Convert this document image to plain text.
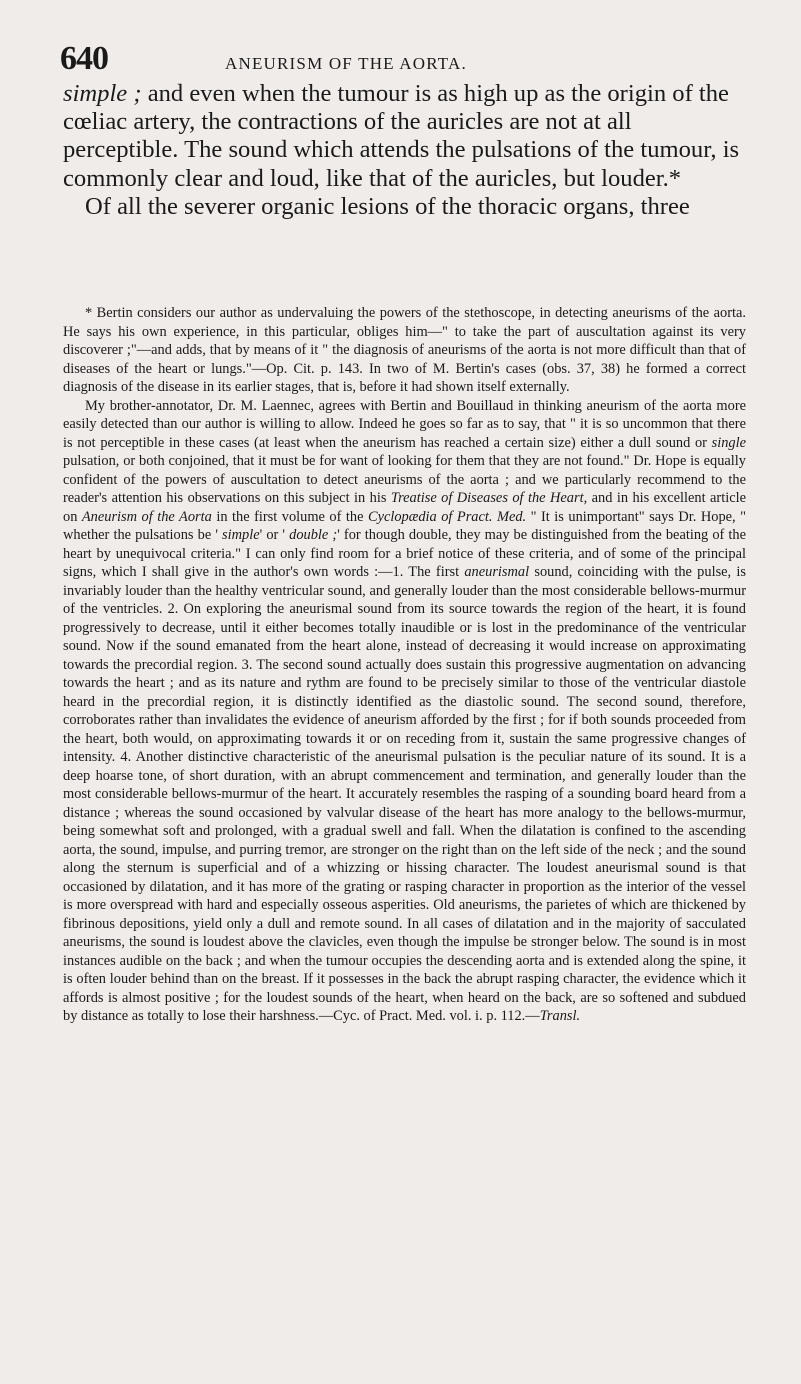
640	ANEURISM OF THE AORTA.

simple ; and even when the tumour is as high up as the origin of the cœliac artery, the contractions of the auricles are not at all perceptible. The sound which attends the pulsations of the tumour, is commonly clear and loud, like that of the auricles, but louder.*

Of all the severer organic lesions of the thoracic organs, three

* Bertin considers our author as undervaluing the powers of the stethoscope, in detecting aneurisms of the aorta. He says his own experience, in this particular, obliges him—" to take the part of auscultation against its very discoverer ;"—and adds, that by means of it " the diagnosis of aneurisms of the aorta is not more difficult than that of diseases of the heart or lungs."—Op. Cit. p. 143. In two of M. Bertin's cases (obs. 37, 38) he formed a correct diagnosis of the disease in its earlier stages, that is, before it had shown itself externally.

My brother-annotator, Dr. M. Laennec, agrees with Bertin and Bouillaud in thinking aneurism of the aorta more easily detected than our author is willing to allow. Indeed he goes so far as to say, that " it is so uncommon that there is not perceptible in these cases (at least when the aneurism has reached a certain size) either a dull sound or single pulsation, or both conjoined, that it must be for want of looking for them that they are not found." Dr. Hope is equally confident of the powers of auscultation to detect aneurisms of the aorta ; and we particularly recommend to the reader's attention his observations on this subject in his Treatise of Diseases of the Heart, and in his excellent article on Aneurism of the Aorta in the first volume of the Cyclopædia of Pract. Med. " It is unimportant" says Dr. Hope, " whether the pulsations be ' simple' or ' double ;' for though double, they may be distinguished from the beating of the heart by unequivocal criteria." I can only find room for a brief notice of these criteria, and of some of the principal signs, which I shall give in the author's own words :—1. The first aneurismal sound, coinciding with the pulse, is invariably louder than the healthy ventricular sound, and generally louder than the most considerable bellows-murmur of the ventricles. 2. On exploring the aneurismal sound from its source towards the region of the heart, it is found progressively to decrease, until it either becomes totally inaudible or is lost in the predominance of the ventricular sound. Now if the sound emanated from the heart alone, instead of decreasing it would increase on approximating towards the precordial region. 3. The second sound actually does sustain this progressive augmentation on advancing towards the heart ; and as its nature and rythm are found to be precisely similar to those of the ventricular diastole heard in the precordial region, it is distinctly identified as the diastolic sound. The second sound, therefore, corroborates rather than invalidates the evidence of aneurism afforded by the first ; for if both sounds proceeded from the heart, both would, on approximating towards it or on receding from it, sustain the same progressive changes of intensity. 4. Another distinctive characteristic of the aneurismal pulsation is the peculiar nature of its sound. It is a deep hoarse tone, of short duration, with an abrupt commencement and termination, and generally louder than the most considerable bellows-murmur of the heart. It accurately resembles the rasping of a sounding board heard from a distance ; whereas the sound occasioned by valvular disease of the heart has more analogy to the bellows-murmur, being somewhat soft and prolonged, with a gradual swell and fall. When the dilatation is confined to the ascending aorta, the sound, impulse, and purring tremor, are stronger on the right than on the left side of the neck ; and the sound along the sternum is superficial and of a whizzing or hissing character. The loudest aneurismal sound is that occasioned by dilatation, and it has more of the grating or rasping character in proportion as the interior of the vessel is more overspread with hard and especially osseous asperities. Old aneurisms, the parietes of which are thickened by fibrinous depositions, yield only a dull and remote sound. In all cases of dilatation and in the majority of sacculated aneurisms, the sound is loudest above the clavicles, even though the impulse be stronger below. The sound is in most instances audible on the back ; and when the tumour occupies the descending aorta and is extended along the spine, it is often louder behind than on the breast. If it possesses in the back the abrupt rasping character, the evidence which it affords is almost positive ; for the loudest sounds of the heart, when heard on the back, are so softened and subdued by distance as totally to lose their harshness.—Cyc. of Pract. Med. vol. i. p. 112.—Transl.
